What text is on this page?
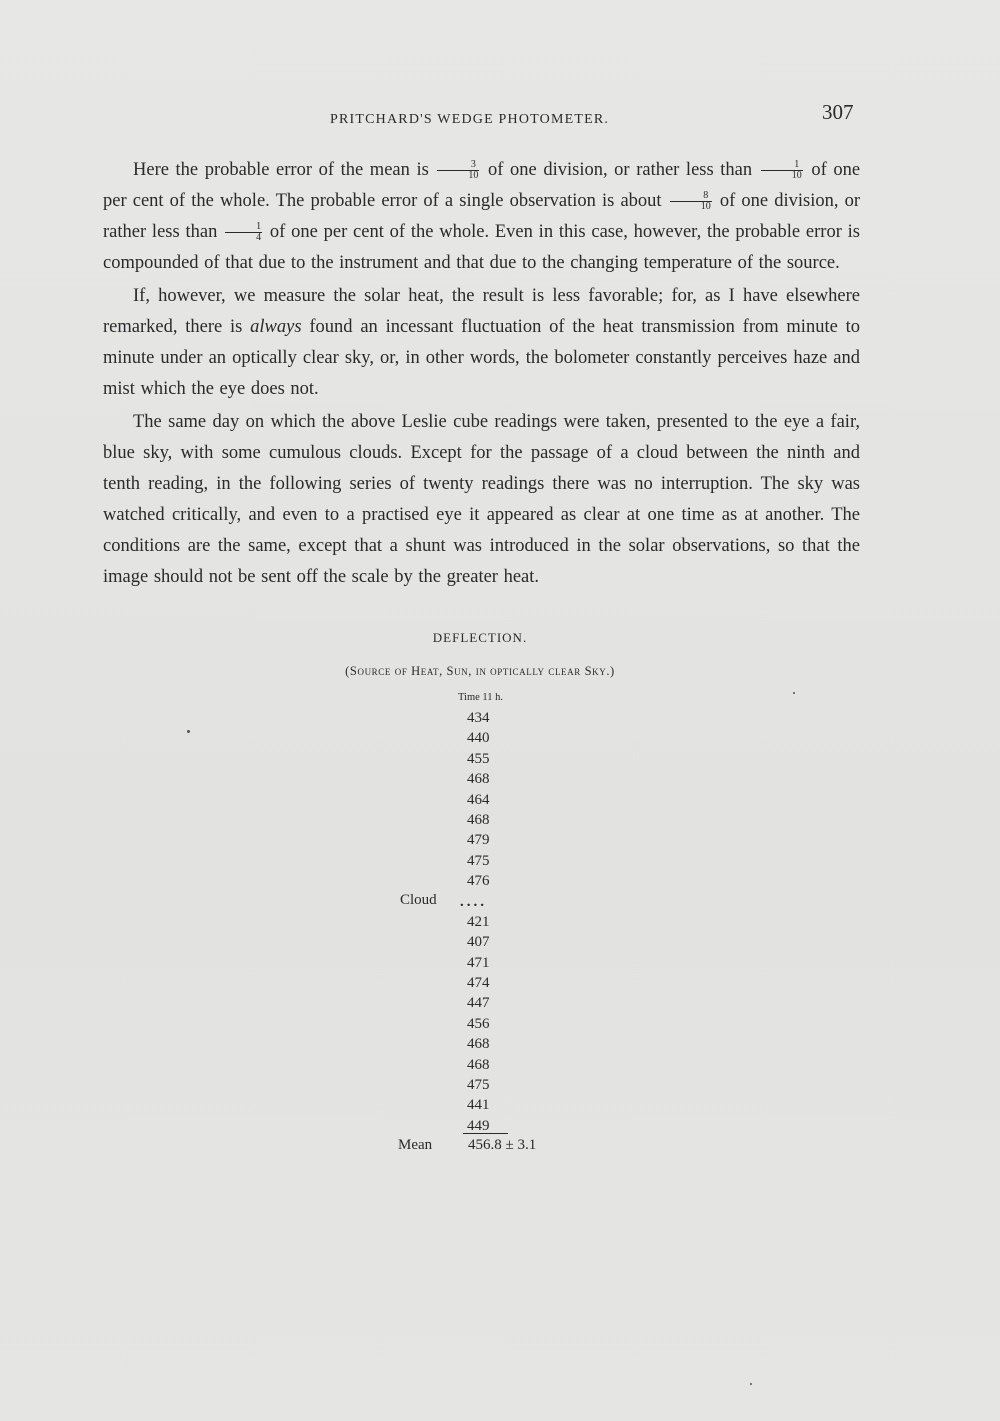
PRITCHARD'S WEDGE PHOTOMETER.	307

Here the probable error of the mean is $\frac{3}{10}$ of one division, or rather less than $\frac{1}{10}$ of one per cent of the whole. The probable error of a single observation is about $\frac{8}{10}$ of one division, or rather less than $\frac{1}{4}$ of one per cent of the whole. Even in this case, however, the probable error is compounded of that due to the instrument and that due to the changing temperature of the source.

If, however, we measure the solar heat, the result is less favorable; for, as I have elsewhere remarked, there is always found an incessant fluctuation of the heat transmission from minute to minute under an optically clear sky, or, in other words, the bolometer constantly perceives haze and mist which the eye does not.

The same day on which the above Leslie cube readings were taken, presented to the eye a fair, blue sky, with some cumulous clouds. Except for the passage of a cloud between the ninth and tenth reading, in the following series of twenty readings there was no interruption. The sky was watched critically, and even to a practised eye it appeared as clear at one time as at another. The conditions are the same, except that a shunt was introduced in the solar observations, so that the image should not be sent off the scale by the greater heat.

DEFLECTION.
(Source of Heat, Sun, in optically clear Sky.)
Time 11 h.
434
440
455
468
464
468
479
475
476
....
421
407
471
474
447
456
468
468
475
441
449
Cloud
Mean 456.8 ± 3.1
